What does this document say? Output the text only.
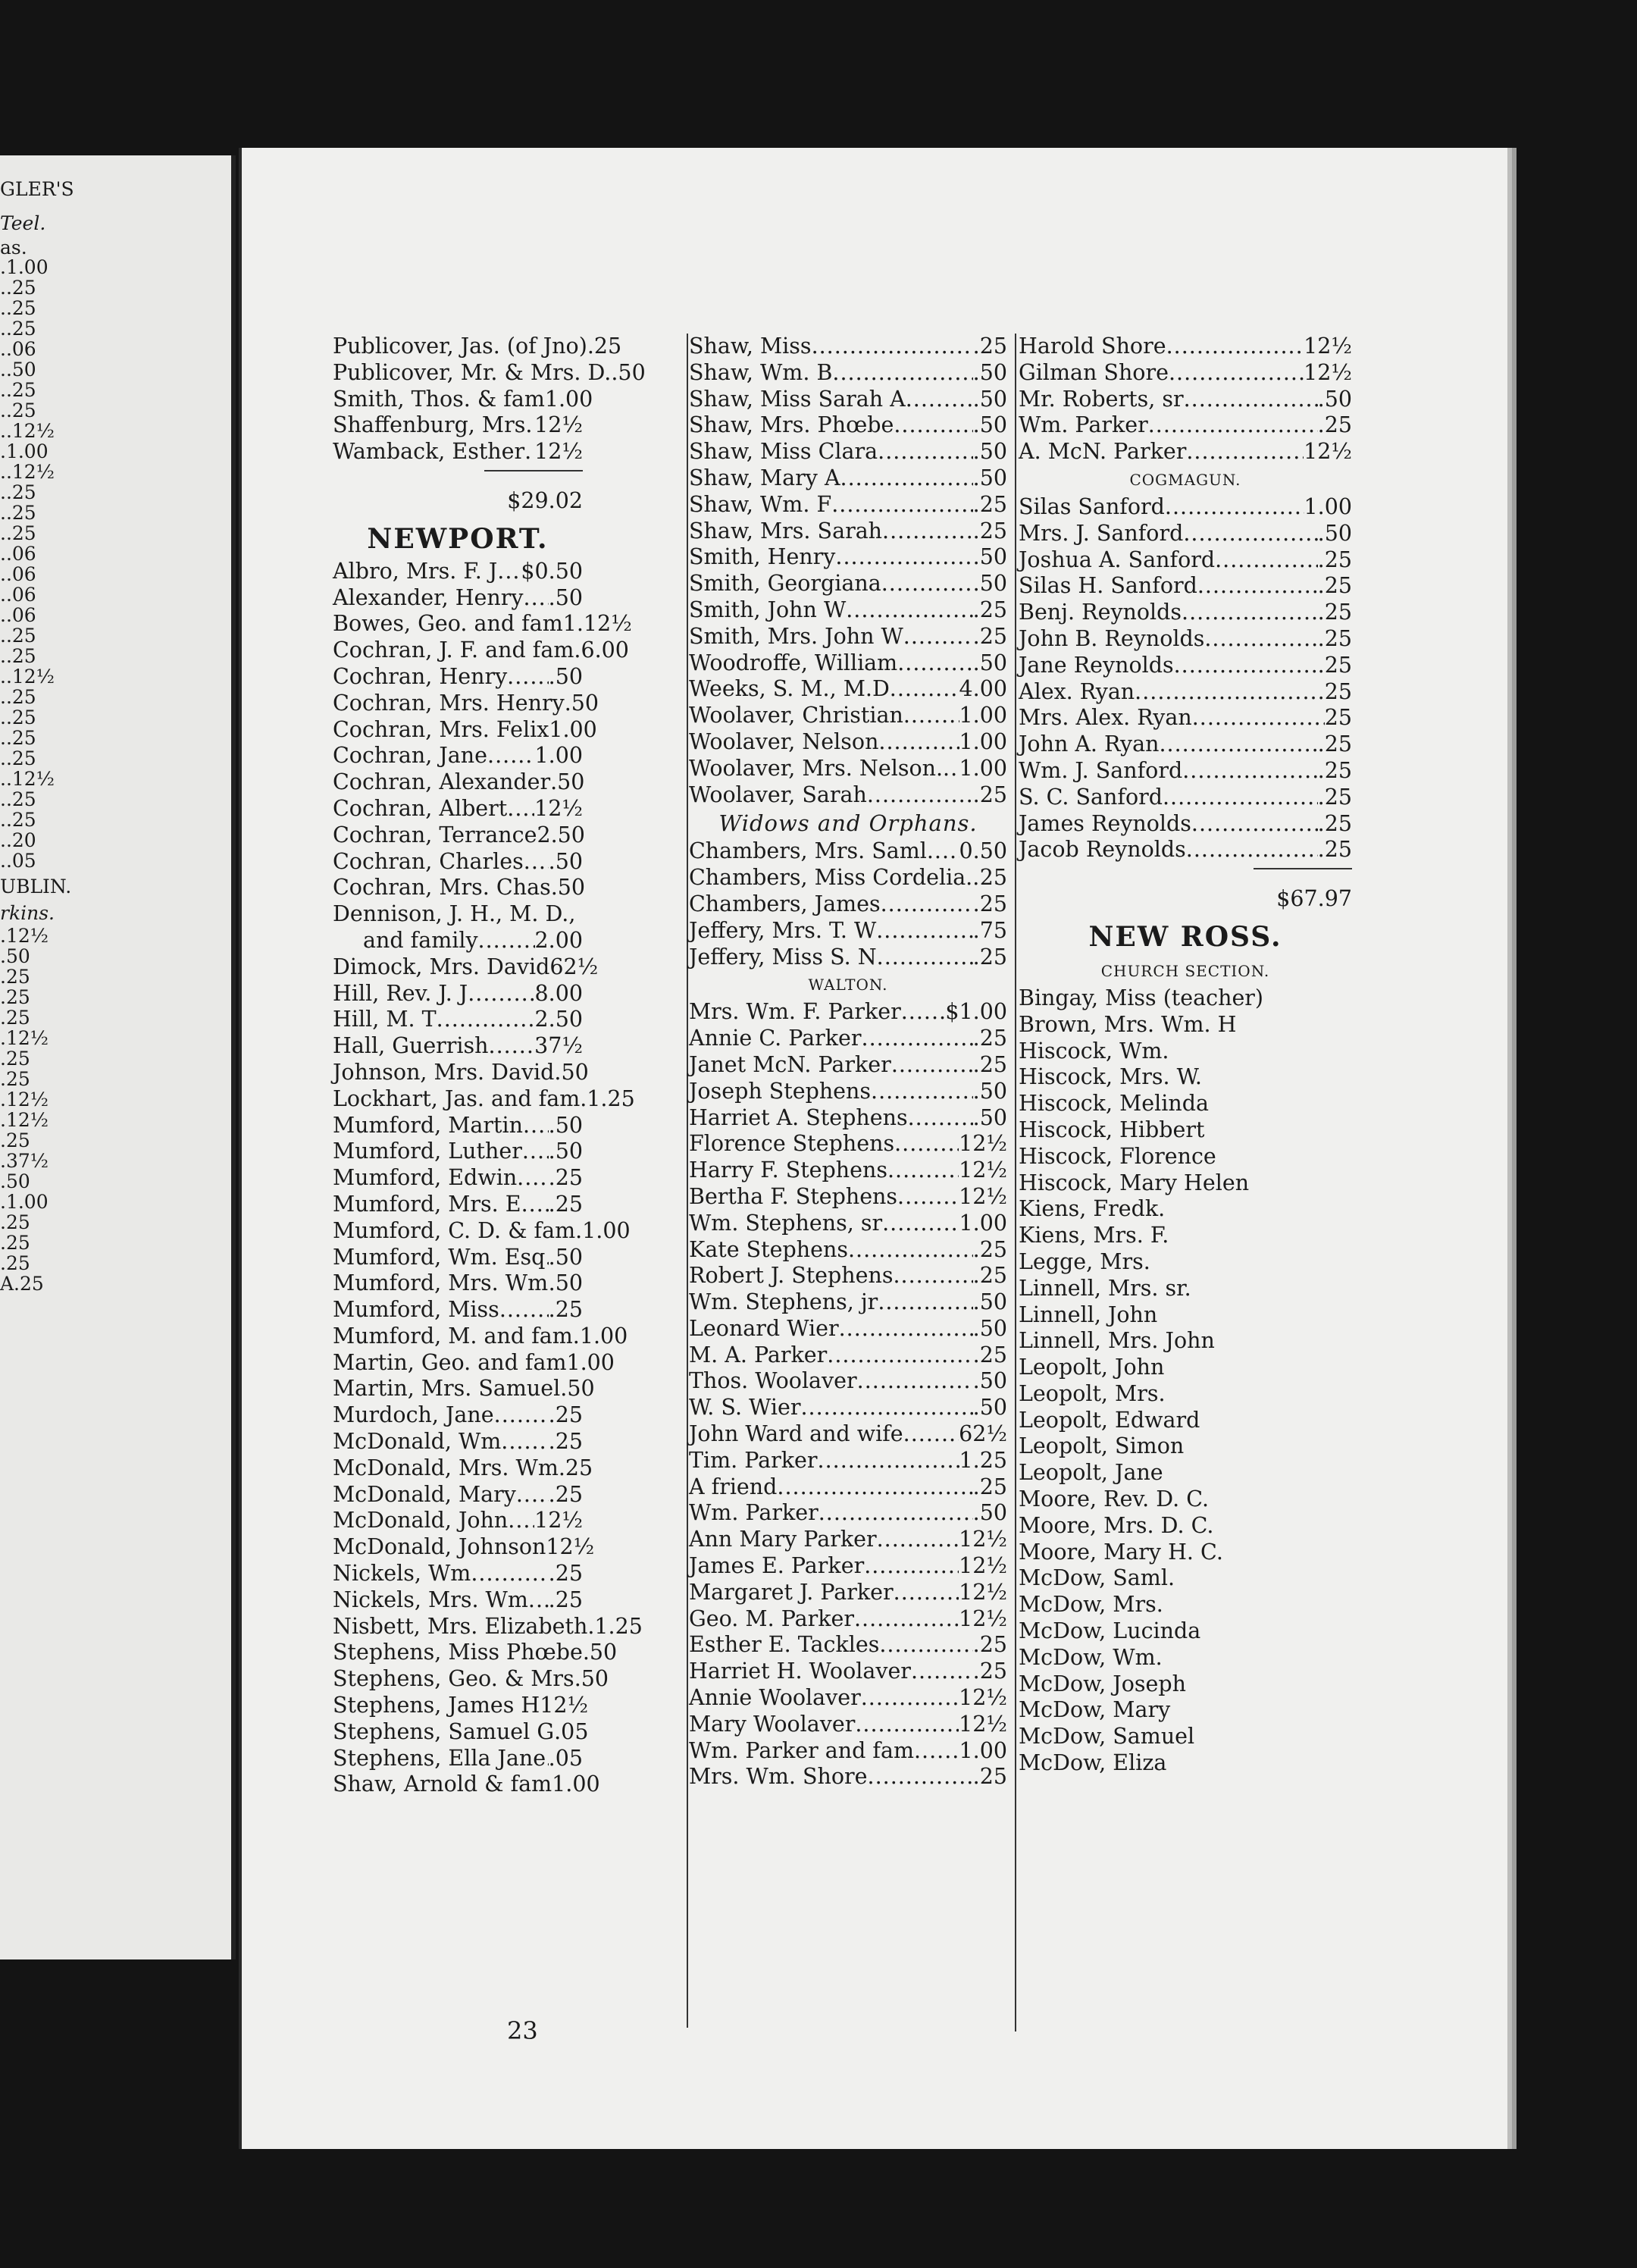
GLER'S
Teel.
as.
.1.00
..25
..25
..25
..06
..50
..25
..25
..12½
.1.00
..12½
..25
..25
..25
..06
..06
..06
..06
..25
..25
..12½
..25
..25
..25
..25
..12½
..25
..25
..20
..05
UBLIN.
rkins.
.12½
.50
.25
.25
.25
.12½
.25
.25
.12½
.12½
.25
.37½
.50
.1.00
.25
.25
.25
A.25
Publicover, Jas. (of Jno) .25
Publicover, Mr. & Mrs. D. .50
Smith, Thos. & fam 1.00
Shaffenburg, Mrs ..... 12½
Wamback, Esther ..... 12½
$29.02
NEWPORT.
Albro, Mrs. F. J ..... $0.50
Alexander, Henry ..... .50
Bowes, Geo. and fam 1.12½
Cochran, J. F. and fam. 6.00
Cochran, Henry ..... .50
Cochran, Mrs. Henry .50
Cochran, Mrs. Felix 1.00
Cochran, Jane ..... 1.00
Cochran, Alexander .50
Cochran, Albert ..... 12½
Cochran, Terrance 2.50
Cochran, Charles ..... .50
Cochran, Mrs. Chas .50
Dennison, J. H., M. D.,
and family .....	2.00
Dimock, Mrs. David 62½
Hill, Rev. J. J .....	8.00
Hill, M. T .....	2.50
Hall, Guerrish ..... 37½
Johnson, Mrs. David .50
Lockhart, Jas. and fam. 1.25
Mumford, Martin ..... .50
Mumford, Luther ..... .50
Mumford, Edwin ..... .25
Mumford, Mrs. E ..... .25
Mumford, C. D. & fam. 1.00
Mumford, Wm. Esq ..... .50
Mumford, Mrs. Wm ..... .50
Mumford, Miss ..... .25
Mumford, M. and fam. 1.00
Martin, Geo. and fam 1.00
Martin, Mrs. Samuel .50
Murdoch, Jane .....	.25
McDonald, Wm ..... .25
McDonald, Mrs. Wm .25
McDonald, Mary ..... .25
McDonald, John ..... 12½
McDonald, Johnson 12½
Nickels, Wm .....	.25
Nickels, Mrs. Wm ..... .25
Nisbett, Mrs. Elizabeth. 1.25
Stephens, Miss Phœbe .50
Stephens, Geo. & Mrs .50
Stephens, James H 12½
Stephens, Samuel G .05
Stephens, Ella Jane ..... .05
Shaw, Arnold & fam 1.00
Shaw, Miss .....	.25
Shaw, Wm. B .....	.50
Shaw, Miss Sarah A .....	.50
Shaw, Mrs. Phœbe .....	.50
Shaw, Miss Clara .....	.50
Shaw, Mary A .....	.50
Shaw, Wm. F .....	.25
Shaw, Mrs. Sarah .....	.25
Smith, Henry .....	.50
Smith, Georgiana .....	.50
Smith, John W .....	.25
Smith, Mrs. John W .....	.25
Woodroffe, William .....	.50
Weeks, S. M., M.D .....	4.00
Woolaver, Christian .....	1.00
Woolaver, Nelson .....	1.00
Woolaver, Mrs. Nelson. ..... 1.00
Woolaver, Sarah .....	.25
Widows and Orphans.
Chambers, Mrs. Saml ..... 0.50
Chambers, Miss Cordelia. ..... 25
Chambers, James .....	.25
Jeffery, Mrs. T. W .....	.75
Jeffery, Miss S. N .....	.25
WALTON.
Mrs. Wm. F. Parker ..... $1.00
Annie C. Parker .....	.25
Janet McN. Parker .....	.25
Joseph Stephens .....	.50
Harriet A. Stephens .....	.50
Florence Stephens .....	12½
Harry F. Stephens .....	12½
Bertha F. Stephens .....	12½
Wm. Stephens, sr .....	1.00
Kate Stephens .....	.25
Robert J. Stephens .....	.25
Wm. Stephens, jr .....	.50
Leonard Wier .....	.50
M. A. Parker .....	.25
Thos. Woolaver .....	.50
W. S. Wier .....	.50
John Ward and wife .....	62½
Tim. Parker .....	1.25
A friend .....	.25
Wm. Parker .....	.50
Ann Mary Parker .....	12½
James E. Parker .....	12½
Margaret J. Parker .....	12½
Geo. M. Parker .....	12½
Esther E. Tackles .....	.25
Harriet H. Woolaver .....	.25
Annie Woolaver .....	12½
Mary Woolaver .....	12½
Wm. Parker and fam ..... 1.00
Mrs. Wm. Shore .....	.25
Harold Shore .....	12½
Gilman Shore .....	12½
Mr. Roberts, sr .....	.50
Wm. Parker .....	.25
A. McN. Parker .....	12½
COGMAGUN.
Silas Sanford .....	1.00
Mrs. J. Sanford .....	.50
Joshua A. Sanford .....	.25
Silas H. Sanford .....	.25
Benj. Reynolds .....	.25
John B. Reynolds .....	.25
Jane Reynolds .....	.25
Alex. Ryan .....	.25
Mrs. Alex. Ryan .....	25
John A. Ryan .....	.25
Wm. J. Sanford .....	.25
S. C. Sanford .....	.25
James Reynolds .....	.25
Jacob Reynolds .....	.25
$67.97
NEW ROSS.
CHURCH SECTION.
Bingay, Miss (teacher)
Brown, Mrs. Wm. H
Hiscock, Wm.
Hiscock, Mrs. W.
Hiscock, Melinda
Hiscock, Hibbert
Hiscock, Florence
Hiscock, Mary Helen
Kiens, Fredk.
Kiens, Mrs. F.
Legge, Mrs.
Linnell, Mrs. sr.
Linnell, John
Linnell, Mrs. John
Leopolt, John
Leopolt, Mrs.
Leopolt, Edward
Leopolt, Simon
Leopolt, Jane
Moore, Rev. D. C.
Moore, Mrs. D. C.
Moore, Mary H. C.
McDow, Saml.
McDow, Mrs.
McDow, Lucinda
McDow, Wm.
McDow, Joseph
McDow, Mary
McDow, Samuel
McDow, Eliza
23
